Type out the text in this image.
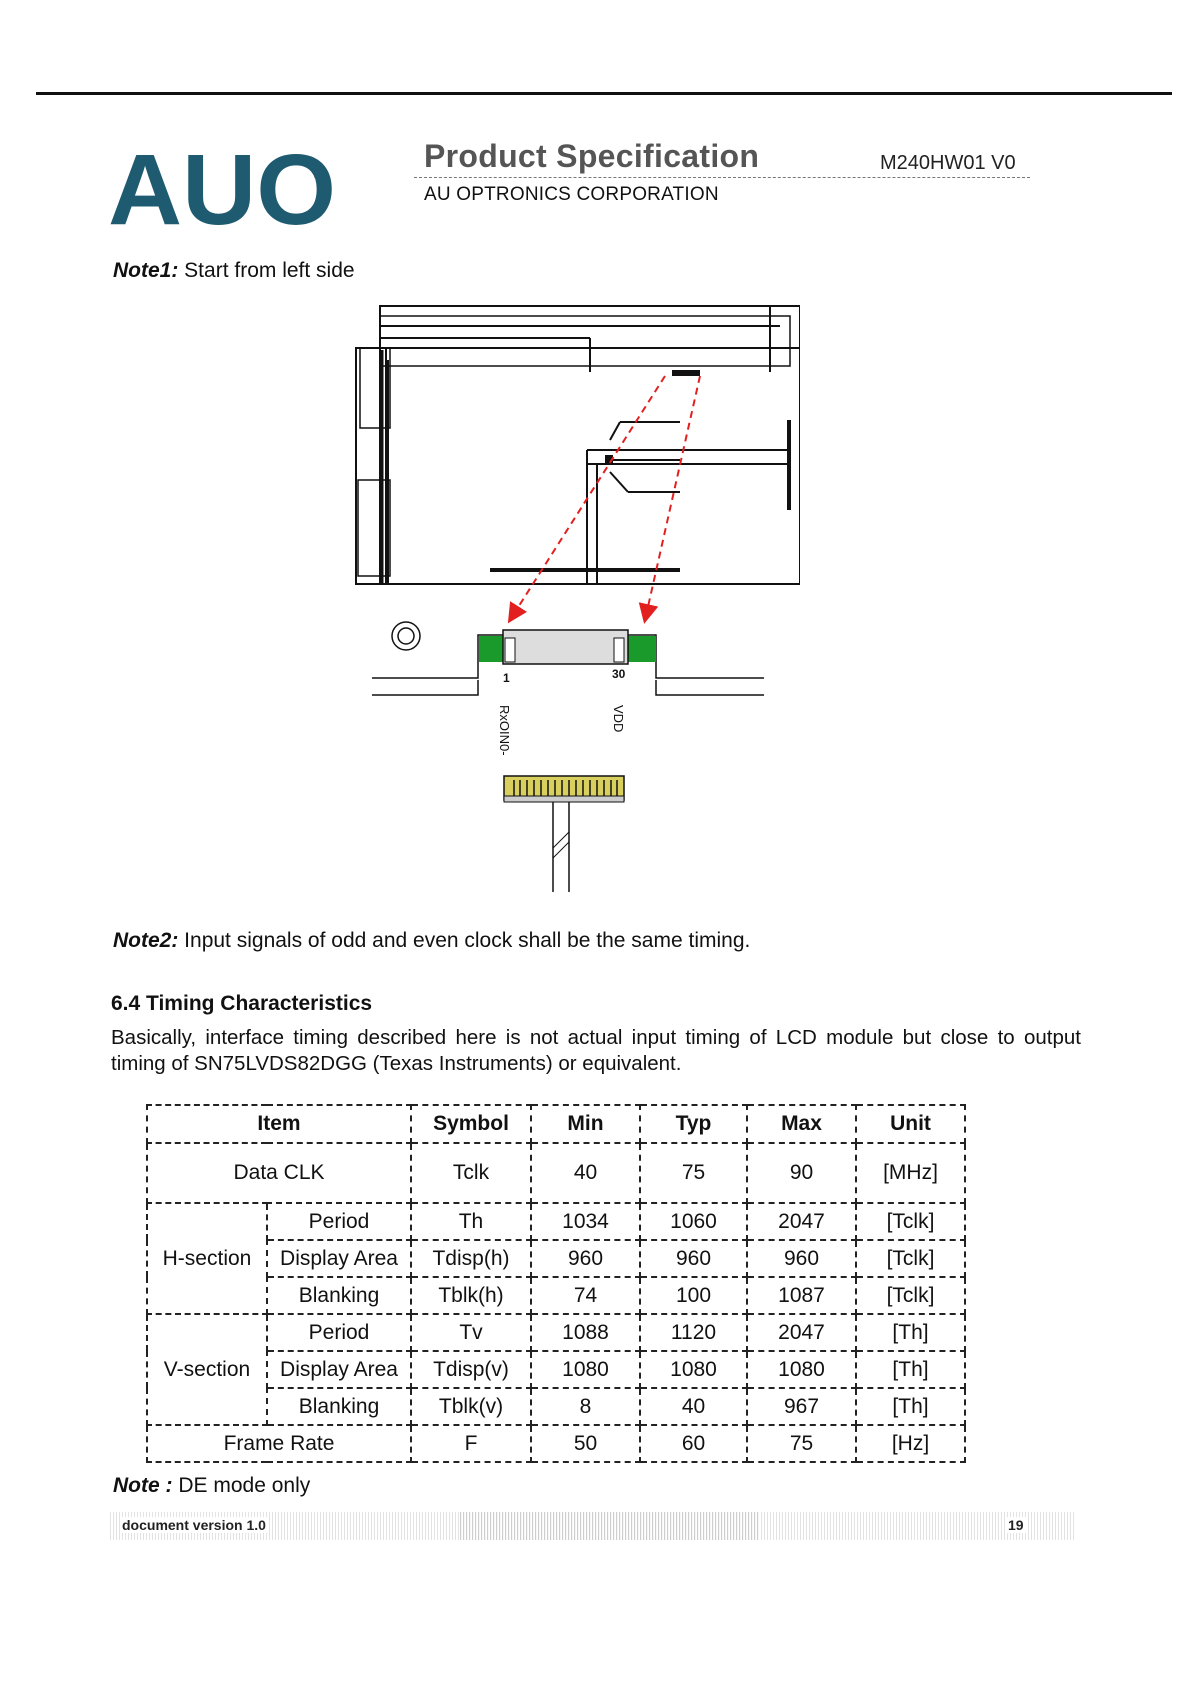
AUO	Product Specification	M240HW01 V0
AU OPTRONICS CORPORATION
Note1: Start from left side
1	30
RxOIN0-	VDD
Note2: Input signals of odd and even clock shall be the same timing.
6.4 Timing Characteristics
Basically, interface timing described here is not actual input timing of LCD module but close to output timing of SN75LVDS82DGG (Texas Instruments) or equivalent.
Item		Symbol	Min	Typ	Max	Unit
Data CLK		Tclk	40	75	90	[MHz]
H-section	Period	Th	1034	1060	2047	[Tclk]
	Display Area	Tdisp(h)	960	960	960	[Tclk]
	Blanking	Tblk(h)	74	100	1087	[Tclk]
V-section	Period	Tv	1088	1120	2047	[Th]
	Display Area	Tdisp(v)	1080	1080	1080	[Th]
	Blanking	Tblk(v)	8	40	967	[Th]
Frame Rate		F	50	60	75	[Hz]
Note : DE mode only
document version 1.0	19
